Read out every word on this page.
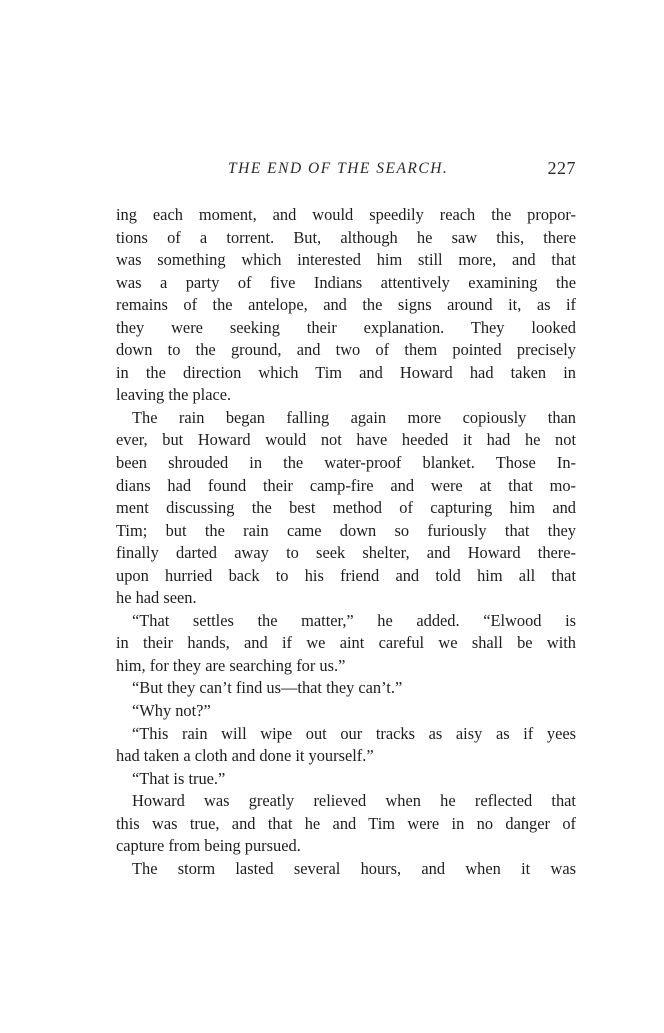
THE END OF THE SEARCH.	227
ing each moment, and would speedily reach the propor-
tions of a torrent. But, although he saw this, there
was something which interested him still more, and that
was a party of five Indians attentively examining the
remains of the antelope, and the signs around it, as if
they were seeking their explanation. They looked
down to the ground, and two of them pointed precisely
in the direction which Tim and Howard had taken in
leaving the place.
The rain began falling again more copiously than
ever, but Howard would not have heeded it had he not
been shrouded in the water-proof blanket. Those In-
dians had found their camp-fire and were at that mo-
ment discussing the best method of capturing him and
Tim; but the rain came down so furiously that they
finally darted away to seek shelter, and Howard there-
upon hurried back to his friend and told him all that
he had seen.
“That settles the matter,” he added. “Elwood is
in their hands, and if we aint careful we shall be with
him, for they are searching for us.”
“But they can’t find us—that they can’t.”
“Why not?”
“This rain will wipe out our tracks as aisy as if yees
had taken a cloth and done it yourself.”
“That is true.”
Howard was greatly relieved when he reflected that
this was true, and that he and Tim were in no danger of
capture from being pursued.
The storm lasted several hours, and when it was
